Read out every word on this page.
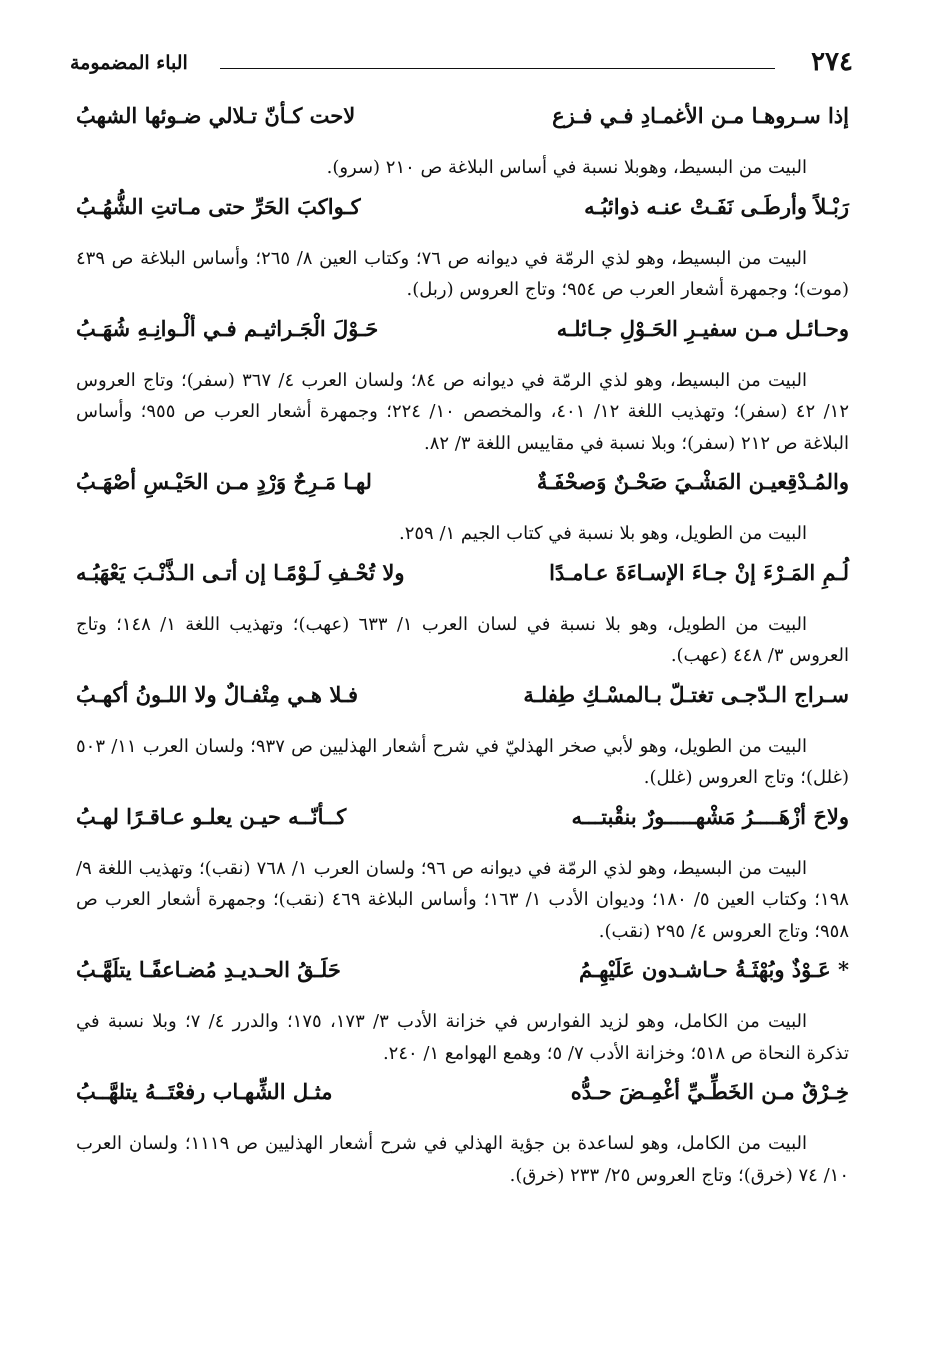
٢٧٤
الباء المضمومة
إذا سـروهـا مـن الأغمـادِ فـي فـزع
لاحت كـأنّ تـلالي ضـوئها الشهبُ

البيت من البسيط، وهوبلا نسبة في أساس البلاغة ص ٢١٠ (سرو).

رَبْـلاً وأرطَـى نَفَـتْ عنـه ذوائبُـه
كـواكبَ الحَرِّ حتى مـاتتِ الشُّهُـبُ

البيت من البسيط، وهو لذي الرمّة في ديوانه ص ٧٦؛ وكتاب العين ٨/ ٢٦٥؛ وأساس البلاغة ص ٤٣٩ (موت)؛ وجمهرة أشعار العرب ص ٩٥٤؛ وتاج العروس (ربل).

وحـائـل مـن سفيـرِ الحَـوْلِ جـائلـه
حَـوْلَ الْجَـراثيـم فـي ألْـوانِـهِ شُهَـبُ

البيت من البسيط، وهو لذي الرمّة في ديوانه ص ٨٤؛ ولسان العرب ٤/ ٣٦٧ (سفر)؛ وتاج العروس ١٢/ ٤٢ (سفر)؛ وتهذيب اللغة ١٢/ ٤٠١، والمخصص ١٠/ ٢٢٤؛ وجمهرة أشعار العرب ص ٩٥٥؛ وأساس البلاغة ص ٢١٢ (سفر)؛ وبلا نسبة في مقاييس اللغة ٣/ ٨٢.

والمُـدْقِعيـن المَشْـيَ صَحْـنٌ وَصحْفَـةٌ
لهـا مَـرِحٌ وَرْدٍ مـن الحَيْـسِ أصْهَـبُ

البيت من الطويل، وهو بلا نسبة في كتاب الجيم ١/ ٢٥٩.

لُـمِ المَـرْءَ إنْ جـاءَ الإسـاءَةَ عـامـدًا
ولا تُحْـفِ لَـوْمًـا إن أتـى الـذَّنْـبَ يَعْهَبُـه

البيت من الطويل، وهو بلا نسبة في لسان العرب ١/ ٦٣٣ (عهب)؛ وتهذيب اللغة ١/ ١٤٨؛ وتاج العروس ٣/ ٤٤٨ (عهب).

سـراج الـدّجـى تغتـلّ بـالمسْـكِ طِفلـة
فـلا هـي مِتْفـالٌ ولا اللـونُ أكهـبُ

البيت من الطويل، وهو لأبي صخر الهذليّ في شرح أشعار الهذليين ص ٩٣٧؛ ولسان العرب ١١/ ٥٠٣ (غلل)؛ وتاج العروس (غلل).

ولاحَ أزْهَــــرُ مَشْهـــــورٌ بنقْبتـــه
كــأنّــه حيـن يعلـو عـاقـرًا لهـبُ

البيت من البسيط، وهو لذي الرمّة في ديوانه ص ٩٦؛ ولسان العرب ١/ ٧٦٨ (نقب)؛ وتهذيب اللغة ٩/ ١٩٨؛ وكتاب العين ٥/ ١٨٠؛ وديوان الأدب ١/ ١٦٣؛ وأساس البلاغة ٤٦٩ (نقب)؛ وجمهرة أشعار العرب ص ٩٥٨؛ وتاج العروس ٤/ ٢٩٥ (نقب).

* عَـوْذٌ وبُهْثَـةُ حـاشـدون عَلَيْهِـمُ
حَلَـقُ الحـديـدِ مُضـاعفًـا يتلَهَّـبُ

البيت من الكامل، وهو لزيد الفوارس في خزانة الأدب ٣/ ١٧٣، ١٧٥؛ والدرر ٤/ ٧؛ وبلا نسبة في تذكرة النحاة ص ٥١٨؛ وخزانة الأدب ٧/ ٥؛ وهمع الهوامع ١/ ٢٤٠.

خِـرْقٌ مـن الخَطِّـيِّ أغْمِـضَ حـدُّه
مثـل الشِّهـاب رفعْتَــهُ يتلهَّــبُ

البيت من الكامل، وهو لساعدة بن جؤية الهذلي في شرح أشعار الهذليين ص ١١١٩؛ ولسان العرب ١٠/ ٧٤ (خرق)؛ وتاج العروس ٢٥/ ٢٣٣ (خرق).
